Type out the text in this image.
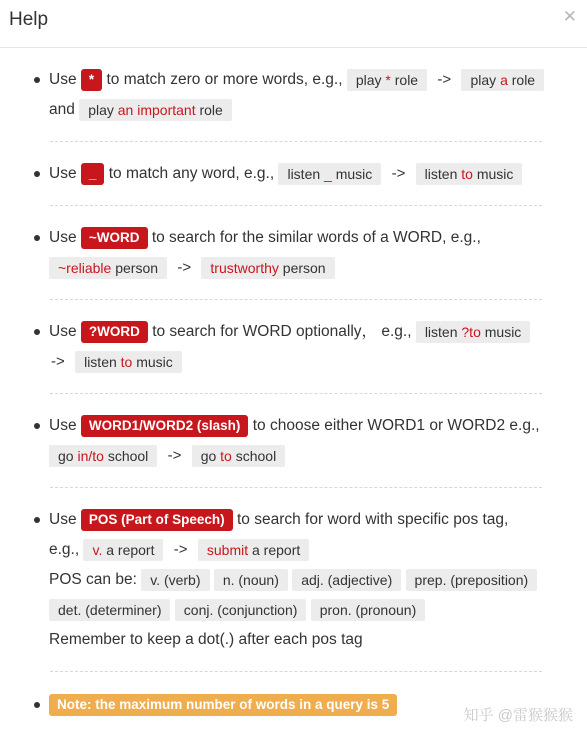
Help	✕
Use * to match zero or more words, e.g., play * role -> play a role
and play an important role
Use _ to match any word, e.g., listen _ music -> listen to music
Use ~WORD to search for the similar words of a WORD, e.g.,
~reliable person -> trustworthy person
Use ?WORD to search for WORD optionally， e.g., listen ?to music
-> listen to music
Use WORD1/WORD2 (slash) to choose either WORD1 or WORD2 e.g.,
go in/to school -> go to school
Use POS (Part of Speech) to search for word with specific pos tag,
e.g., v. a report -> submit a report
POS can be: v. (verb) n. (noun) adj. (adjective) prep. (preposition)
det. (determiner) conj. (conjunction) pron. (pronoun)
Remember to keep a dot(.) after each pos tag
Note: the maximum number of words in a query is 5
知乎 @雷猴猴猴
